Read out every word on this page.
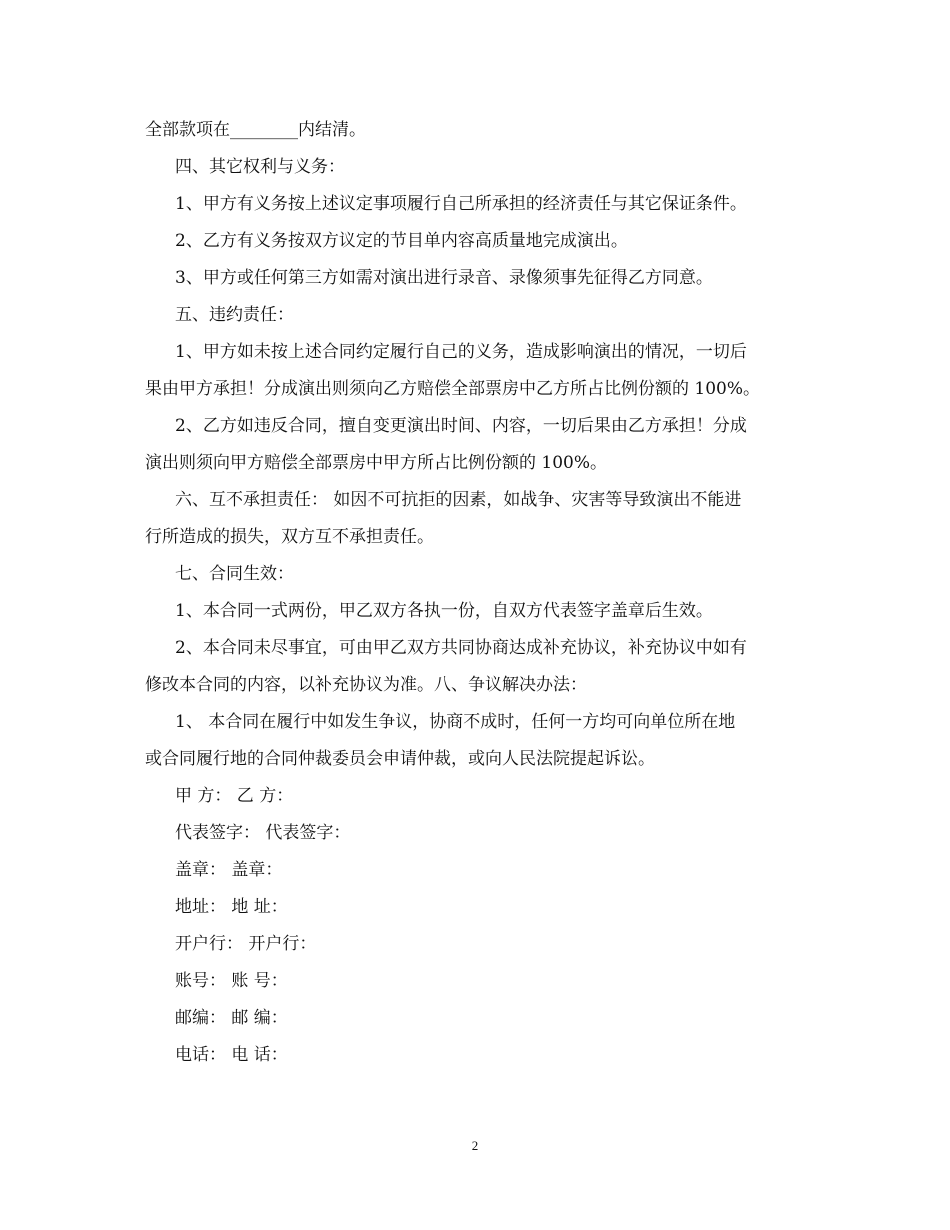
全部款项在________内结清。
四、其它权利与义务：
1、甲方有义务按上述议定事项履行自己所承担的经济责任与其它保证条件。
2、乙方有义务按双方议定的节目单内容高质量地完成演出。
3、甲方或任何第三方如需对演出进行录音、录像须事先征得乙方同意。
五、违约责任：
1、甲方如未按上述合同约定履行自己的义务，造成影响演出的情况，一切后
果由甲方承担！分成演出则须向乙方赔偿全部票房中乙方所占比例份额的 100%。
2、乙方如违反合同，擅自变更演出时间、内容，一切后果由乙方承担！分成
演出则须向甲方赔偿全部票房中甲方所占比例份额的 100%。
六、互不承担责任： 如因不可抗拒的因素，如战争、灾害等导致演出不能进
行所造成的损失，双方互不承担责任。
七、合同生效：
1、本合同一式两份，甲乙双方各执一份，自双方代表签字盖章后生效。
2、本合同未尽事宜，可由甲乙双方共同协商达成补充协议，补充协议中如有
修改本合同的内容，以补充协议为准。八、争议解决办法：
1、 本合同在履行中如发生争议，协商不成时，任何一方均可向单位所在地
或合同履行地的合同仲裁委员会申请仲裁，或向人民法院提起诉讼。
甲 方： 乙 方：
代表签字： 代表签字：
盖章： 盖章：
地址： 地 址：
开户行： 开户行：
账号： 账 号：
邮编： 邮 编：
电话： 电 话：
2
